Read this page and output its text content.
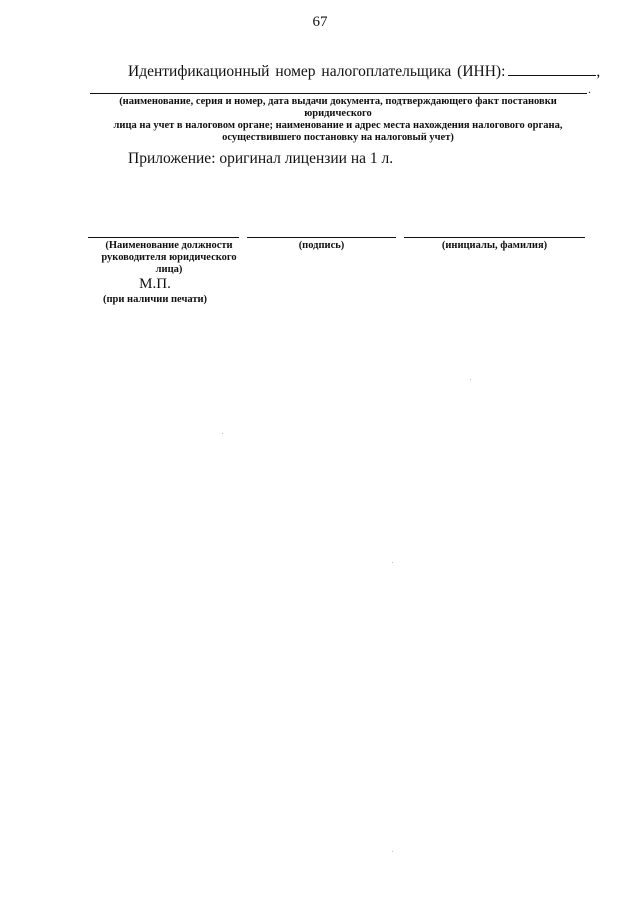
67
Идентификационный номер налогоплательщика (ИНН):	,
.
(наименование, серия и номер, дата выдачи документа, подтверждающего факт постановки юридического
лица на учет в налоговом органе; наименование и адрес места нахождения налогового органа,
осуществившего постановку на налоговый учет)
Приложение: оригинал лицензии на 1 л.
(Наименование должности
руководителя юридического лица)
(подпись)	(инициалы, фамилия)
М.П.
(при наличии печати)
